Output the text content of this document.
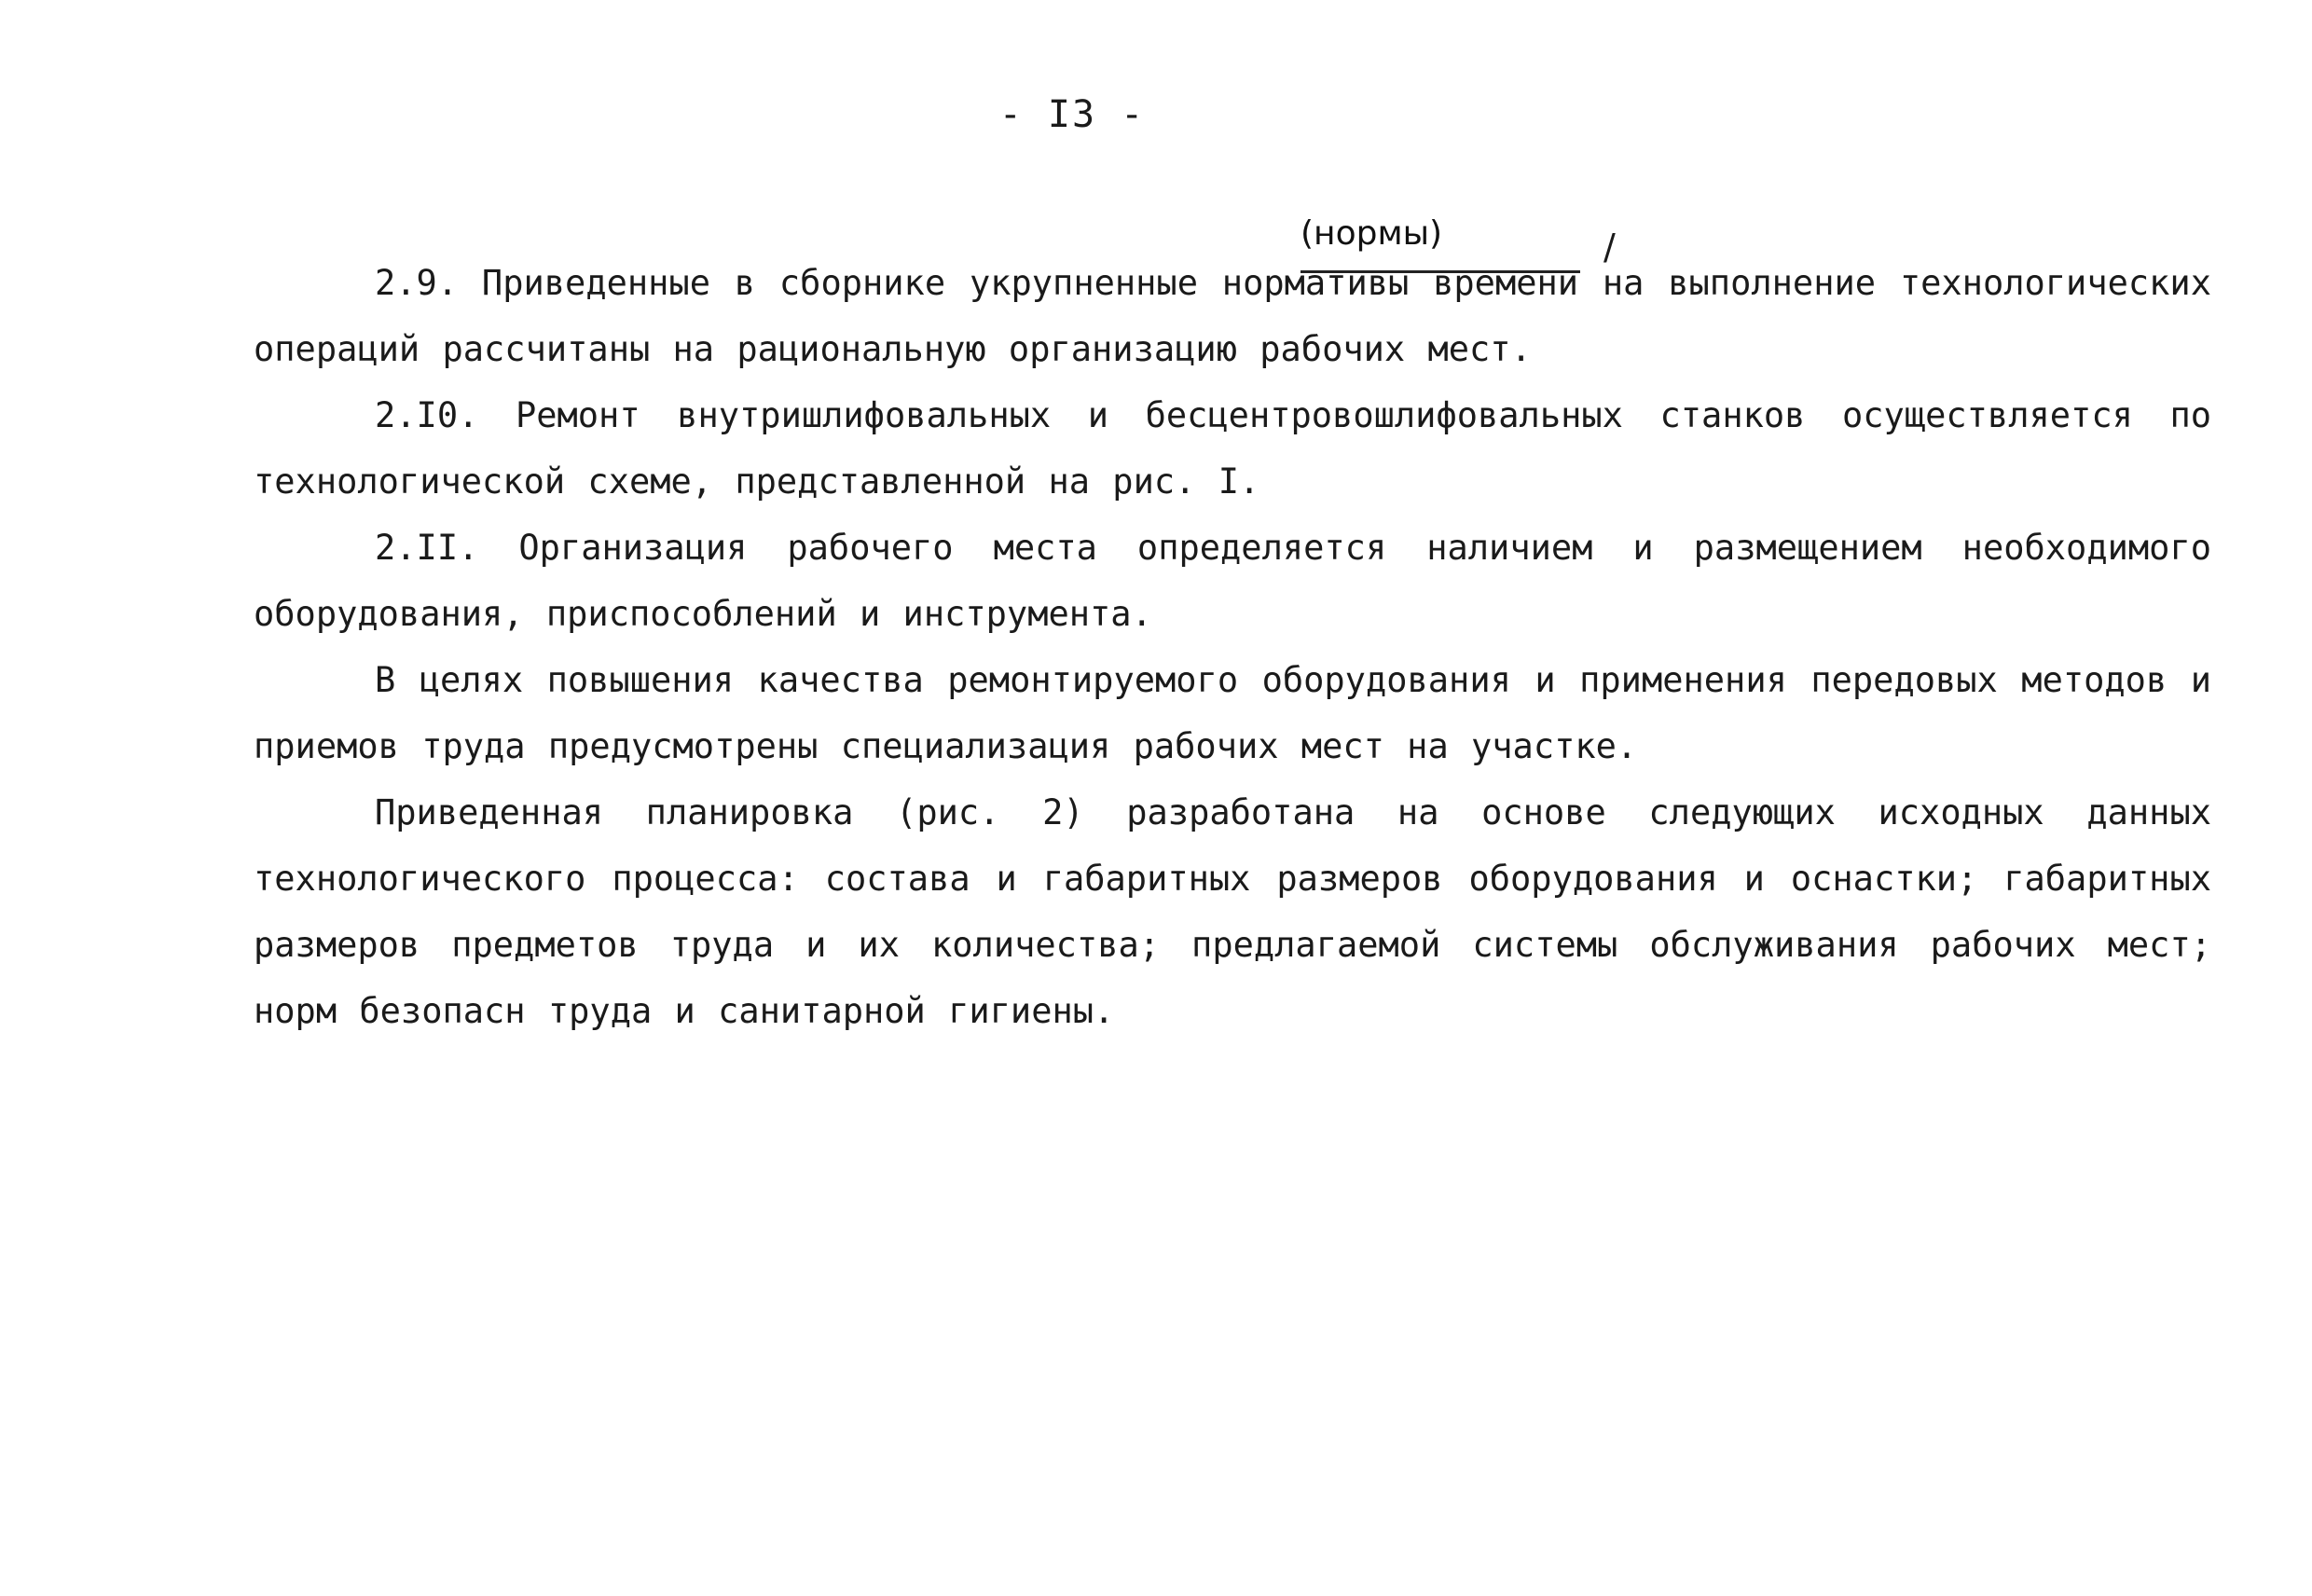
- I3 -
(нормы)	/

2.9. Приведенные в сборнике укрупненные нормативы времени на выполнение технологических операций рассчитаны на рациональную организацию рабочих мест.

2.I0. Ремонт внутришлифовальных и бесцентровошлифовальных станков осуществляется по технологической схеме, представленной на рис. I.

2.II. Организация рабочего места определяется наличием и размещением необходимого оборудования, приспособлений и инструмента.

В целях повышения качества ремонтируемого оборудования и применения передовых методов и приемов труда предусмотрены специализация рабочих мест на участке.

Приведенная планировка (рис. 2) разработана на основе следующих исходных данных технологического процесса: состава и габаритных размеров оборудования и оснастки; габаритных размеров предметов труда и их количества; предлагаемой системы обслуживания рабочих мест; норм безопасн труда и санитарной гигиены.
